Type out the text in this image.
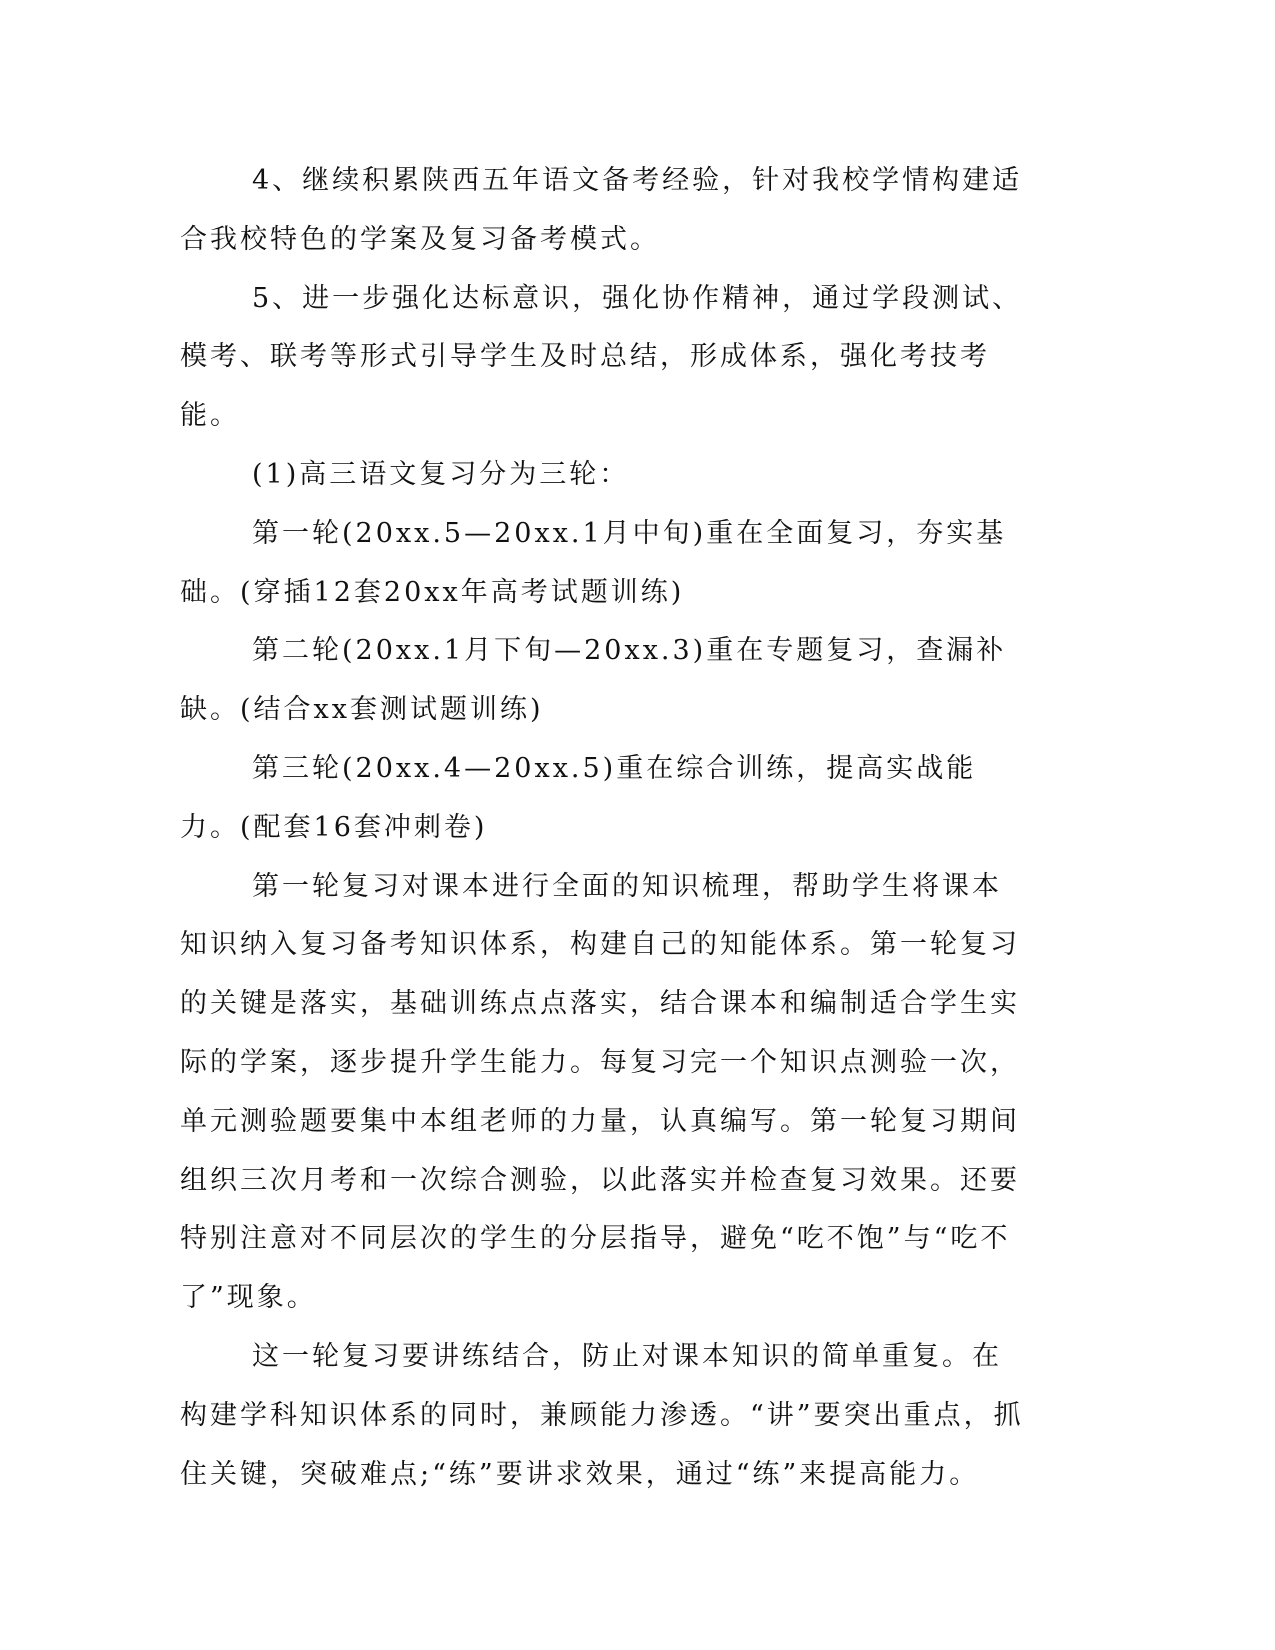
4、继续积累陕西五年语文备考经验，针对我校学情构建适合我校特色的学案及复习备考模式。

5、进一步强化达标意识，强化协作精神，通过学段测试、模考、联考等形式引导学生及时总结，形成体系，强化考技考能。

(1)高三语文复习分为三轮：

第一轮(20xx.5—20xx.1月中旬)重在全面复习，夯实基础。(穿插12套20xx年高考试题训练)

第二轮(20xx.1月下旬—20xx.3)重在专题复习，查漏补缺。(结合xx套测试题训练)

第三轮(20xx.4—20xx.5)重在综合训练，提高实战能力。(配套16套冲刺卷)

第一轮复习对课本进行全面的知识梳理，帮助学生将课本知识纳入复习备考知识体系，构建自己的知能体系。第一轮复习的关键是落实，基础训练点点落实，结合课本和编制适合学生实际的学案，逐步提升学生能力。每复习完一个知识点测验一次，单元测验题要集中本组老师的力量，认真编写。第一轮复习期间组织三次月考和一次综合测验，以此落实并检查复习效果。还要特别注意对不同层次的学生的分层指导，避免“吃不饱”与“吃不了”现象。

这一轮复习要讲练结合，防止对课本知识的简单重复。在构建学科知识体系的同时，兼顾能力渗透。“讲”要突出重点，抓住关键，突破难点;“练”要讲求效果，通过“练”来提高能力。
